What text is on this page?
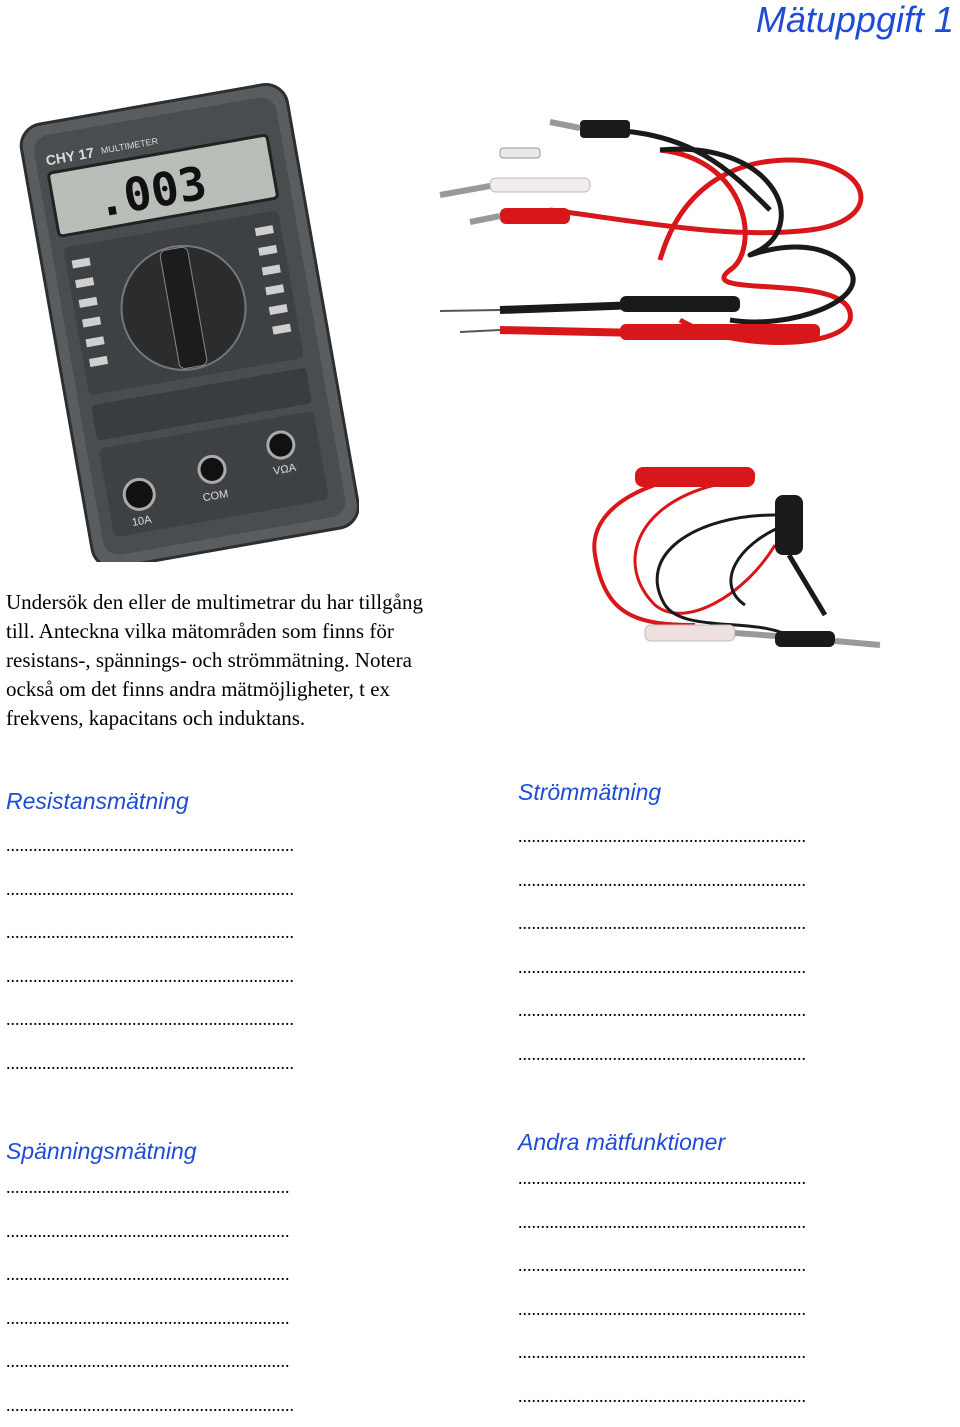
Mätuppgift 1
CHY 17 MULTIMETER
.003
10A
COM
VΩA
Undersök den eller de multimetrar du har tillgång till. Anteckna vilka mätområden som finns för resistans-, spännings- och strömmätning. Notera också om det finns andra mätmöjligheter, t ex frekvens, kapacitans och induktans.
Resistansmätning
................................................................
................................................................
................................................................
................................................................
................................................................
................................................................
Strömmätning
................................................................
................................................................
................................................................
................................................................
................................................................
................................................................
Spänningsmätning
...............................................................
...............................................................
...............................................................
...............................................................
...............................................................
................................................................
Andra mätfunktioner
................................................................
................................................................
................................................................
................................................................
................................................................
................................................................
